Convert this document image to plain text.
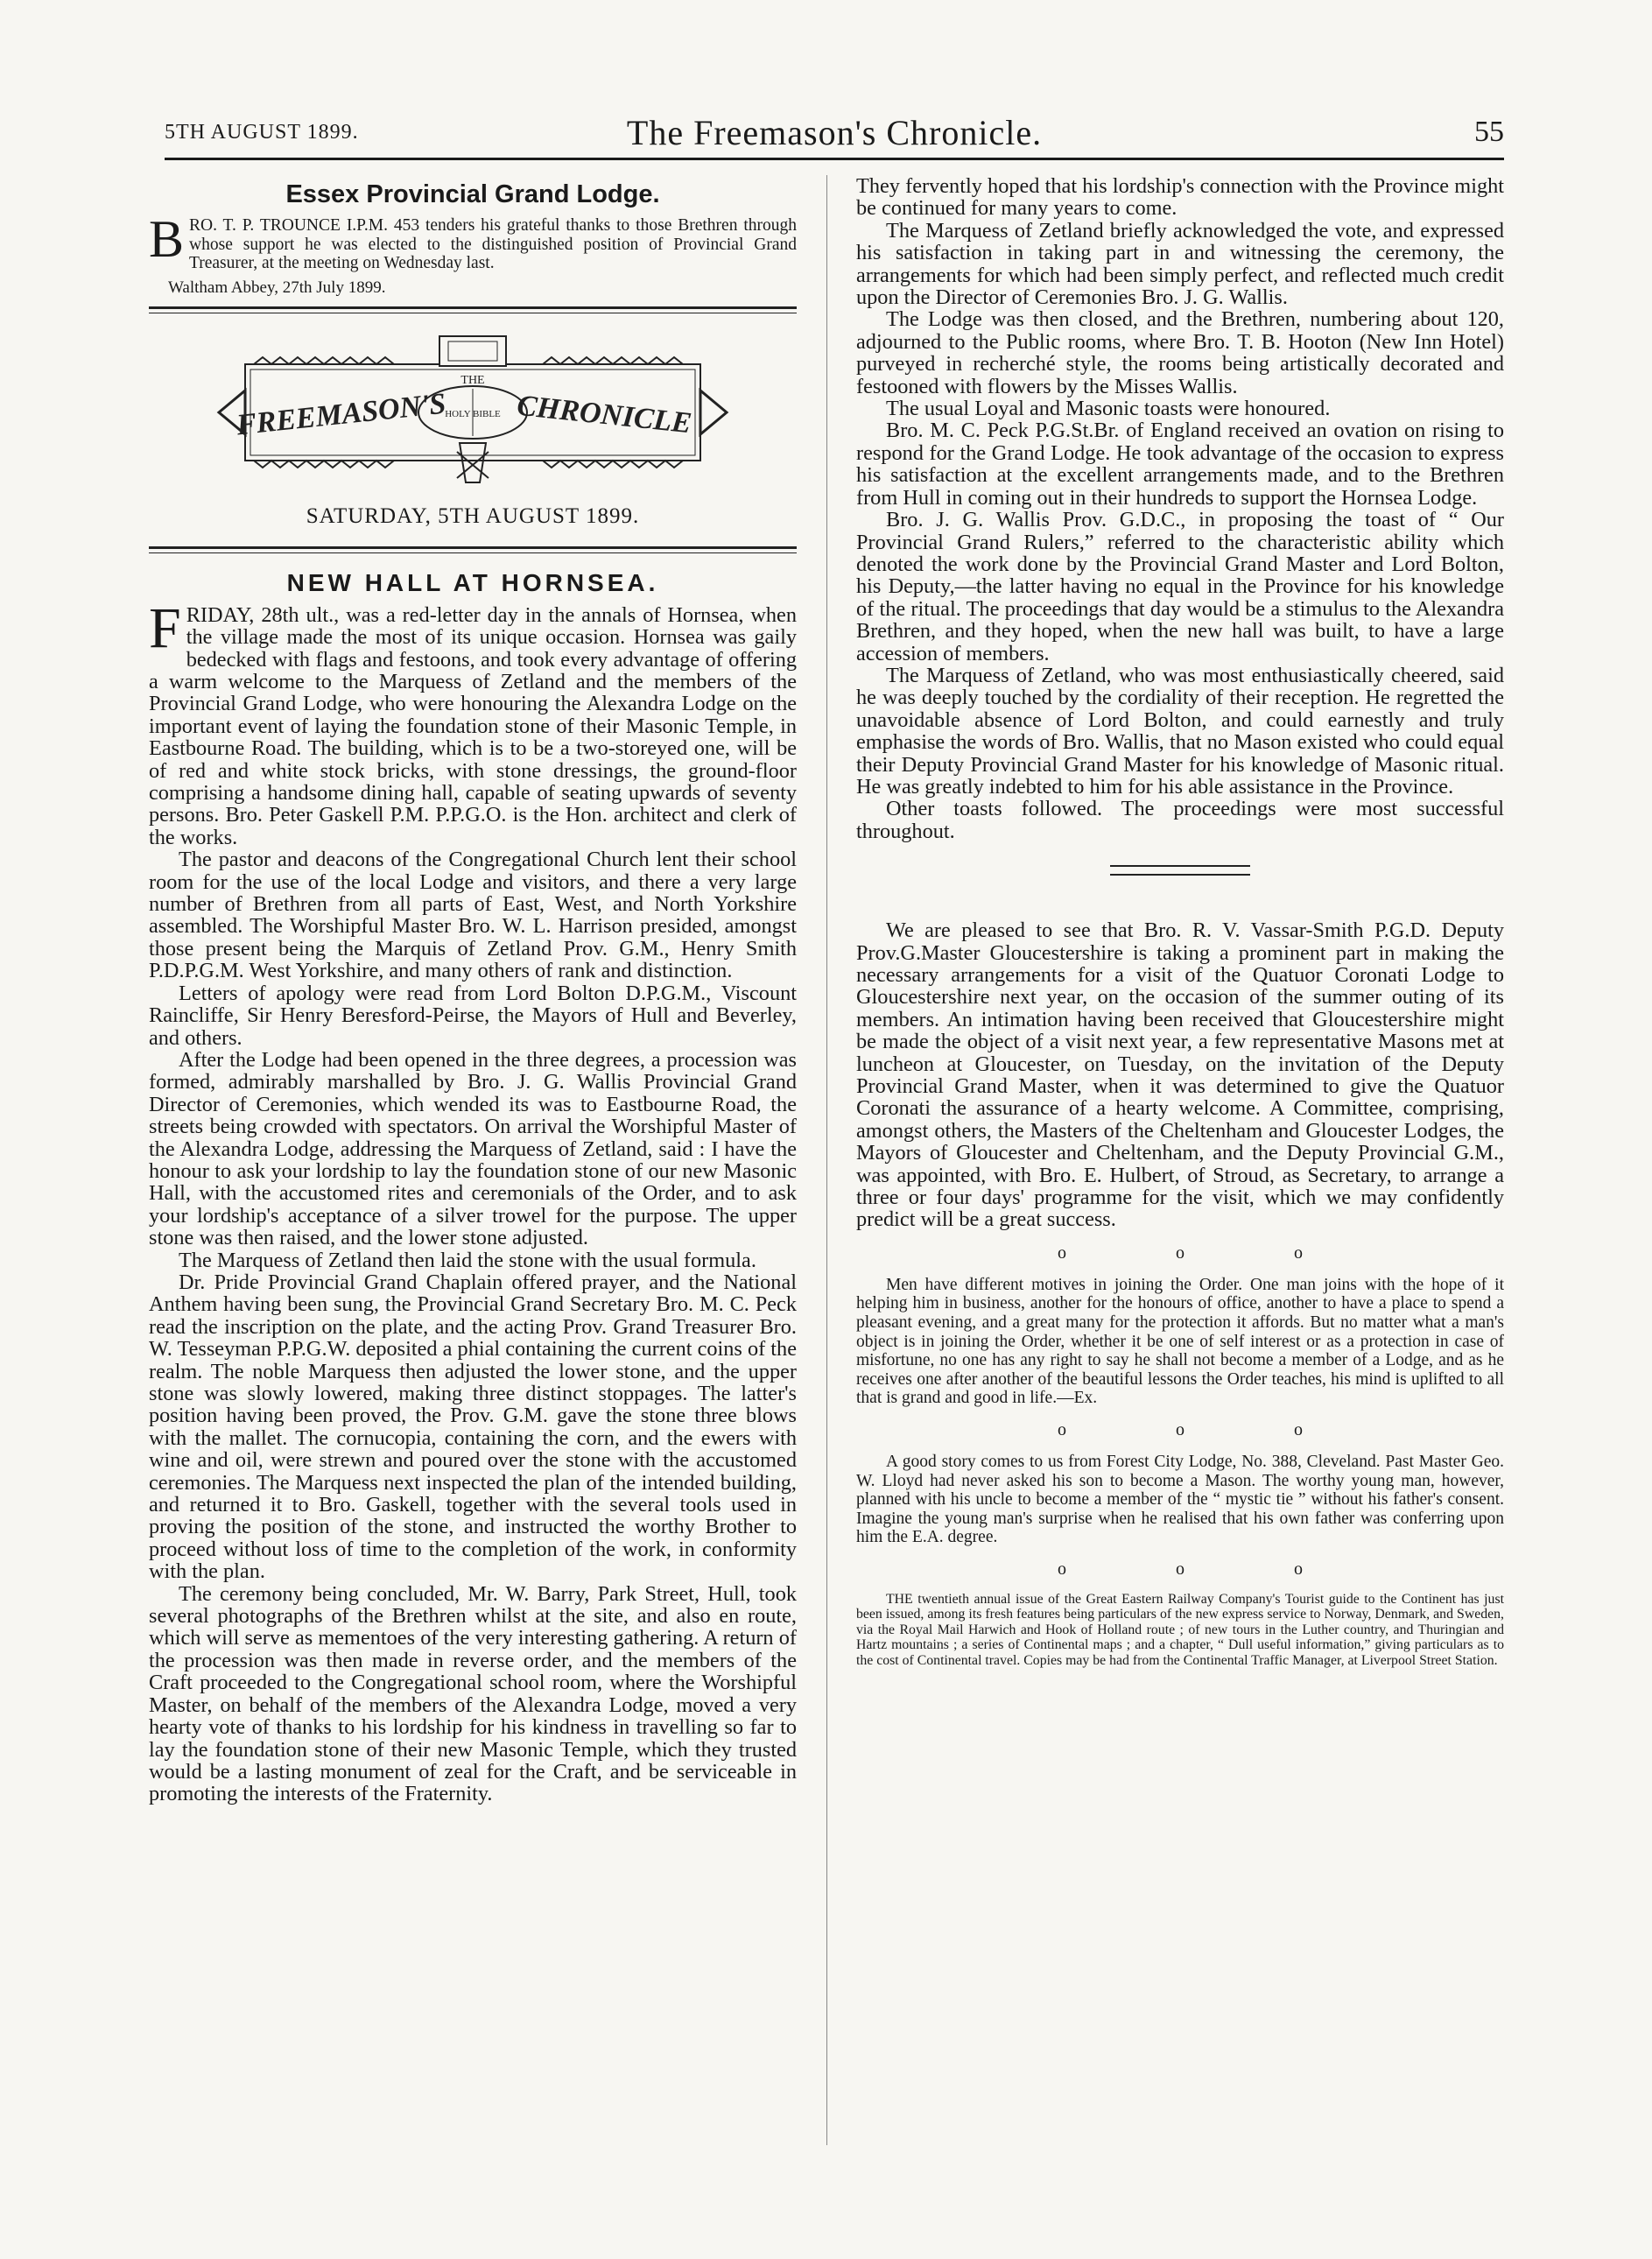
5TH AUGUST 1899.	The Freemason's Chronicle.	55
Essex Provincial Grand Lodge.

BRO. T. P. TROUNCE I.P.M. 453 tenders his grateful thanks to those Brethren through whose support he was elected to the distinguished position of Provincial Grand Treasurer, at the meeting on Wednesday last.

Waltham Abbey, 27th July 1899.
FREEMASON'S CHRONICLE
THE
HOLY BIBLE
SATURDAY, 5TH AUGUST 1899.
NEW HALL AT HORNSEA.

FRIDAY, 28th ult., was a red-letter day in the annals of Hornsea, when the village made the most of its unique occasion. Hornsea was gaily bedecked with flags and festoons, and took every advantage of offering a warm welcome to the Marquess of Zetland and the members of the Provincial Grand Lodge, who were honouring the Alexandra Lodge on the important event of laying the foundation stone of their Masonic Temple, in Eastbourne Road. The building, which is to be a two-storeyed one, will be of red and white stock bricks, with stone dressings, the ground-floor comprising a handsome dining hall, capable of seating upwards of seventy persons. Bro. Peter Gaskell P.M. P.P.G.O. is the Hon. architect and clerk of the works.

The pastor and deacons of the Congregational Church lent their school room for the use of the local Lodge and visitors, and there a very large number of Brethren from all parts of East, West, and North Yorkshire assembled. The Worshipful Master Bro. W. L. Harrison presided, amongst those present being the Marquis of Zetland Prov. G.M., Henry Smith P.D.P.G.M. West Yorkshire, and many others of rank and distinction.

Letters of apology were read from Lord Bolton D.P.G.M., Viscount Raincliffe, Sir Henry Beresford-Peirse, the Mayors of Hull and Beverley, and others.

After the Lodge had been opened in the three degrees, a procession was formed, admirably marshalled by Bro. J. G. Wallis Provincial Grand Director of Ceremonies, which wended its was to Eastbourne Road, the streets being crowded with spectators. On arrival the Worshipful Master of the Alexandra Lodge, addressing the Marquess of Zetland, said : I have the honour to ask your lordship to lay the foundation stone of our new Masonic Hall, with the accustomed rites and ceremonials of the Order, and to ask your lordship's acceptance of a silver trowel for the purpose. The upper stone was then raised, and the lower stone adjusted.

The Marquess of Zetland then laid the stone with the usual formula.

Dr. Pride Provincial Grand Chaplain offered prayer, and the National Anthem having been sung, the Provincial Grand Secretary Bro. M. C. Peck read the inscription on the plate, and the acting Prov. Grand Treasurer Bro. W. Tesseyman P.P.G.W. deposited a phial containing the current coins of the realm. The noble Marquess then adjusted the lower stone, and the upper stone was slowly lowered, making three distinct stoppages. The latter's position having been proved, the Prov. G.M. gave the stone three blows with the mallet. The cornucopia, containing the corn, and the ewers with wine and oil, were strewn and poured over the stone with the accustomed ceremonies. The Marquess next inspected the plan of the intended building, and returned it to Bro. Gaskell, together with the several tools used in proving the position of the stone, and instructed the worthy Brother to proceed without loss of time to the completion of the work, in conformity with the plan.

The ceremony being concluded, Mr. W. Barry, Park Street, Hull, took several photographs of the Brethren whilst at the site, and also en route, which will serve as mementoes of the very interesting gathering. A return of the procession was then made in reverse order, and the members of the Craft proceeded to the Congregational school room, where the Worshipful Master, on behalf of the members of the Alexandra Lodge, moved a very hearty vote of thanks to his lordship for his kindness in travelling so far to lay the foundation stone of their new Masonic Temple, which they trusted would be a lasting monument of zeal for the Craft, and be serviceable in promoting the interests of the Fraternity.

They fervently hoped that his lordship's connection with the Province might be continued for many years to come.

The Marquess of Zetland briefly acknowledged the vote, and expressed his satisfaction in taking part in and witnessing the ceremony, the arrangements for which had been simply perfect, and reflected much credit upon the Director of Ceremonies Bro. J. G. Wallis.

The Lodge was then closed, and the Brethren, numbering about 120, adjourned to the Public rooms, where Bro. T. B. Hooton (New Inn Hotel) purveyed in recherché style, the rooms being artistically decorated and festooned with flowers by the Misses Wallis.

The usual Loyal and Masonic toasts were honoured.

Bro. M. C. Peck P.G.St.Br. of England received an ovation on rising to respond for the Grand Lodge. He took advantage of the occasion to express his satisfaction at the excellent arrangements made, and to the Brethren from Hull in coming out in their hundreds to support the Hornsea Lodge.

Bro. J. G. Wallis Prov. G.D.C., in proposing the toast of “ Our Provincial Grand Rulers,” referred to the characteristic ability which denoted the work done by the Provincial Grand Master and Lord Bolton, his Deputy,—the latter having no equal in the Province for his knowledge of the ritual. The proceedings that day would be a stimulus to the Alexandra Brethren, and they hoped, when the new hall was built, to have a large accession of members.

The Marquess of Zetland, who was most enthusiastically cheered, said he was deeply touched by the cordiality of their reception. He regretted the unavoidable absence of Lord Bolton, and could earnestly and truly emphasise the words of Bro. Wallis, that no Mason existed who could equal their Deputy Provincial Grand Master for his knowledge of Masonic ritual. He was greatly indebted to him for his able assistance in the Province.

Other toasts followed. The proceedings were most successful throughout.

We are pleased to see that Bro. R. V. Vassar-Smith P.G.D. Deputy Prov.G.Master Gloucestershire is taking a prominent part in making the necessary arrangements for a visit of the Quatuor Coronati Lodge to Gloucestershire next year, on the occasion of the summer outing of its members. An intimation having been received that Gloucestershire might be made the object of a visit next year, a few representative Masons met at luncheon at Gloucester, on Tuesday, on the invitation of the Deputy Provincial Grand Master, when it was determined to give the Quatuor Coronati the assurance of a hearty welcome. A Committee, comprising, amongst others, the Masters of the Cheltenham and Gloucester Lodges, the Mayors of Gloucester and Cheltenham, and the Deputy Provincial G.M., was appointed, with Bro. E. Hulbert, of Stroud, as Secretary, to arrange a three or four days' programme for the visit, which we may confidently predict will be a great success.

o o o

Men have different motives in joining the Order. One man joins with the hope of it helping him in business, another for the honours of office, another to have a place to spend a pleasant evening, and a great many for the protection it affords. But no matter what a man's object is in joining the Order, whether it be one of self interest or as a protection in case of misfortune, no one has any right to say he shall not become a member of a Lodge, and as he receives one after another of the beautiful lessons the Order teaches, his mind is uplifted to all that is grand and good in life.—Ex.

o o o

A good story comes to us from Forest City Lodge, No. 388, Cleveland. Past Master Geo. W. Lloyd had never asked his son to become a Mason. The worthy young man, however, planned with his uncle to become a member of the “ mystic tie ” without his father's consent. Imagine the young man's surprise when he realised that his own father was conferring upon him the E.A. degree.

o o o

THE twentieth annual issue of the Great Eastern Railway Company's Tourist guide to the Continent has just been issued, among its fresh features being particulars of the new express service to Norway, Denmark, and Sweden, via the Royal Mail Harwich and Hook of Holland route ; of new tours in the Luther country, and Thuringian and Hartz mountains ; a series of Continental maps ; and a chapter, “ Dull useful information,” giving particulars as to the cost of Continental travel. Copies may be had from the Continental Traffic Manager, at Liverpool Street Station.
